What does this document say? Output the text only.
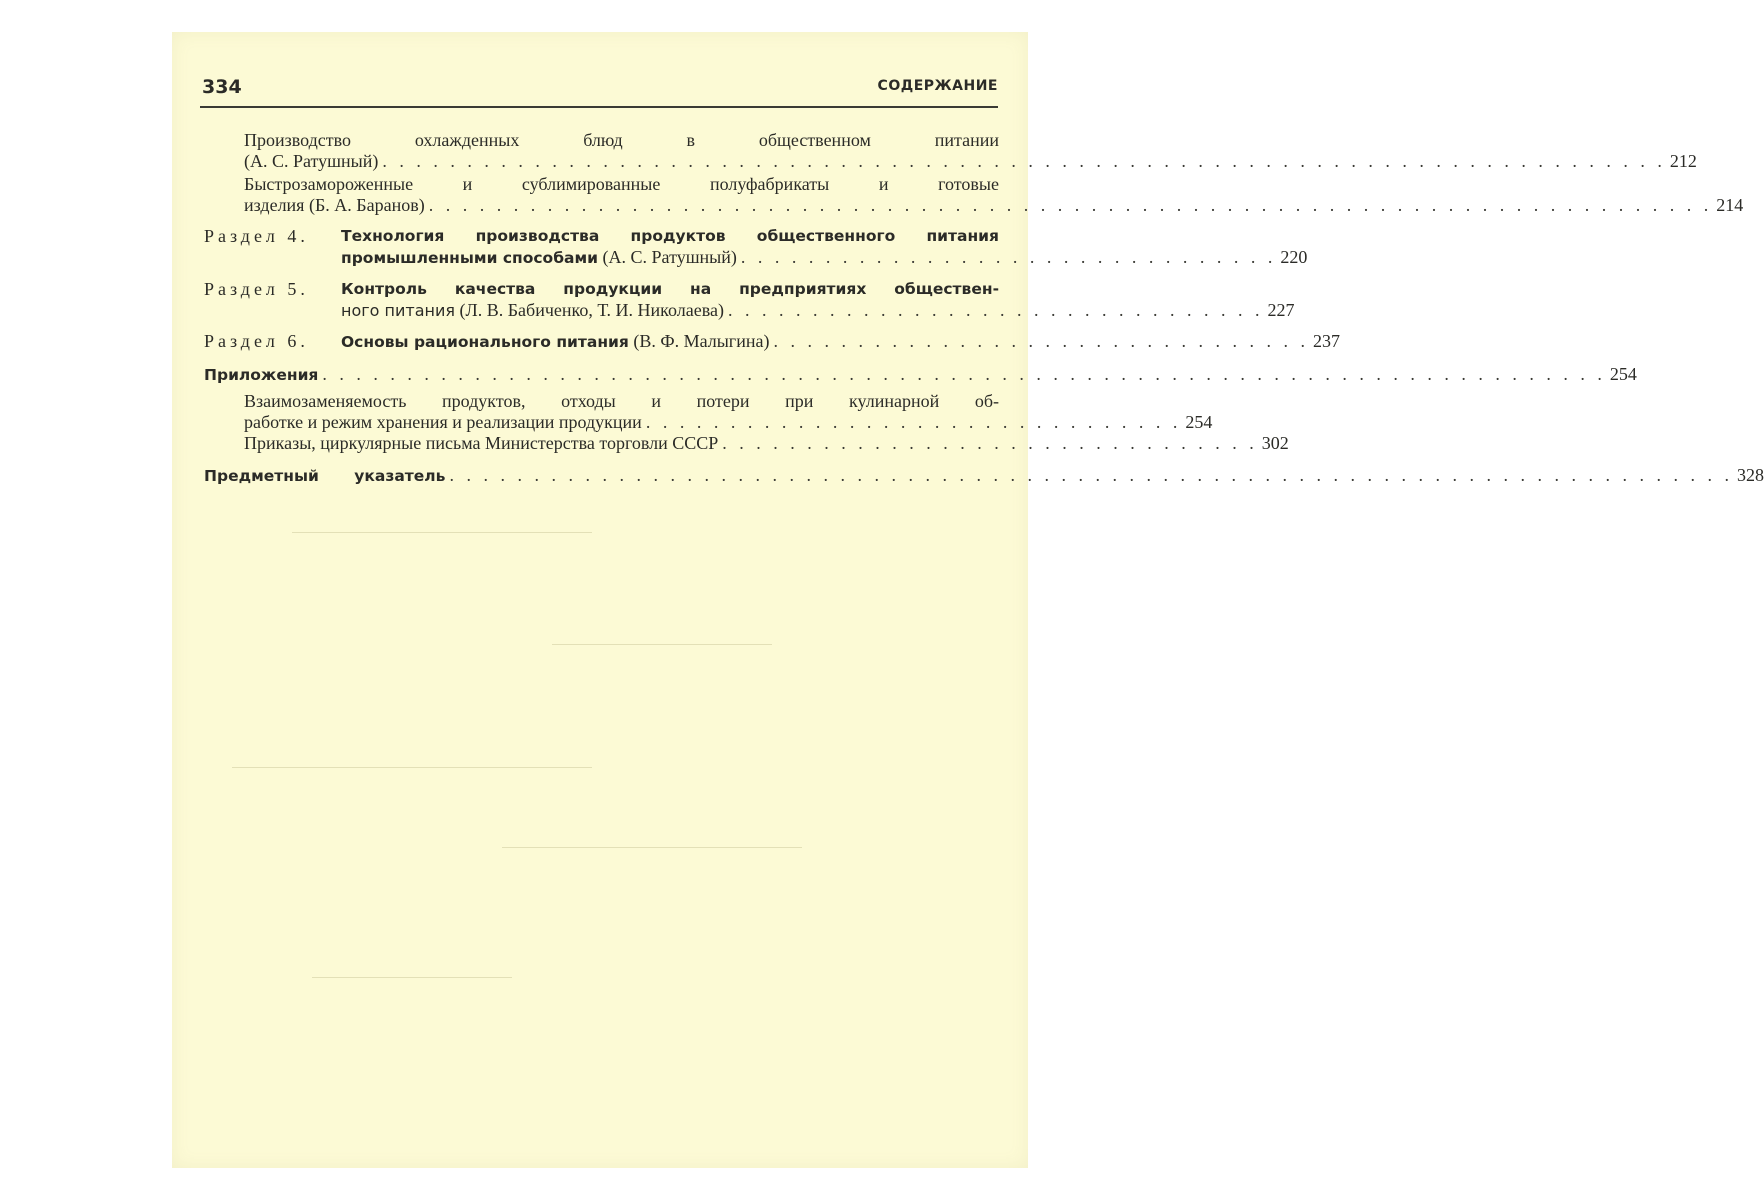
334	СОДЕРЖАНИЕ
Производство охлажденных блюд в общественном питании
(А. С. Ратушный) . . . . . . . . . . . . . . . . . . . . . . . . . . . . . . . . . . . . . . . . . . . . . . . . . . . . . . . . . . . . . . . . . . . . . . . . . . . . 212
Быстрозамороженные и сублимированные полуфабрикаты и готовые
изделия (Б. А. Баранов) . . . . . . . . . . . . . . . . . . . . . . . . . . . . . . . . . . . . . . . . . . . . . . . . . . . . . . . . . . . . . . . . . . . . . . . . . . . . 214
Раздел 4. Технология производства продуктов общественного питания
промышленными способами (А. С. Ратушный) . . . . . . . . . . . . . . . . . . . . . . . . . . . . . . . . 220
Раздел 5. Контроль качества продукции на предприятиях обществен-
ного питания (Л. В. Бабиченко, Т. И. Николаева) . . . . . . . . . . . . . . . . . . . . . . . . . . . . . . . . 227
Раздел 6. Основы рационального питания (В. Ф. Малыгина) . . . . . . . . . . . . . . . . . . . . . . . . . . . . . . . . 237
Приложения . . . . . . . . . . . . . . . . . . . . . . . . . . . . . . . . . . . . . . . . . . . . . . . . . . . . . . . . . . . . . . . . . . . . . . . . . . . . 254
Взаимозаменяемость продуктов, отходы и потери при кулинарной об-
работке и режим хранения и реализации продукции . . . . . . . . . . . . . . . . . . . . . . . . . . . . . . . . 254
Приказы, циркулярные письма Министерства торговли СССР . . . . . . . . . . . . . . . . . . . . . . . . . . . . . . . . 302
Предметный указатель . . . . . . . . . . . . . . . . . . . . . . . . . . . . . . . . . . . . . . . . . . . . . . . . . . . . . . . . . . . . . . . . . . . . . . . . . . . . 328
